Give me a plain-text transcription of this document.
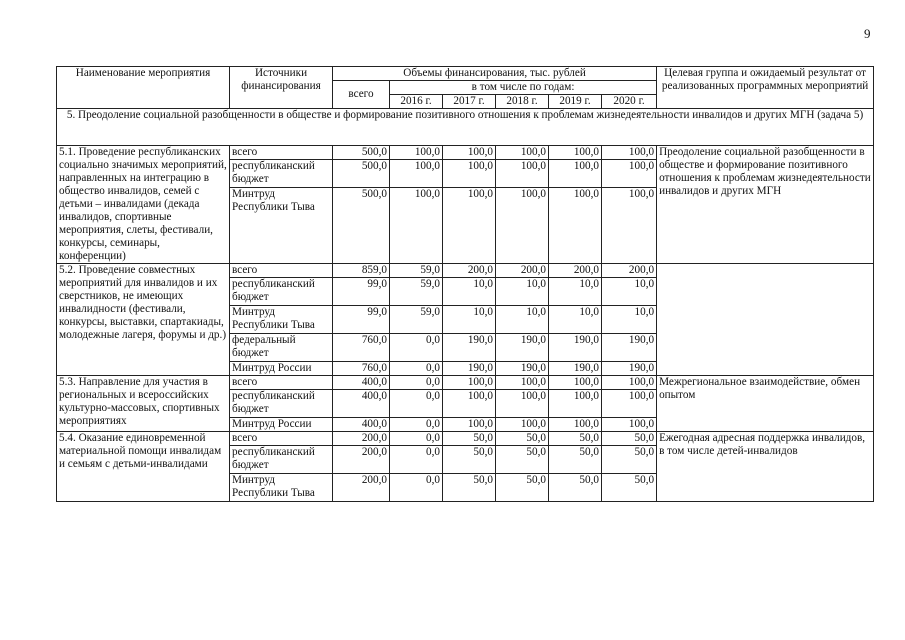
9
Наименование мероприятия	Источники финансирования	Объемы финансирования, тыс. рублей						Целевая группа и ожидаемый результат от реализованных программных мероприятий
		всего	в том числе по годам:					
			2016 г.	2017 г.	2018 г.	2019 г.	2020 г.	
5. Преодоление социальной разобщенности в обществе и формирование позитивного отношения к проблемам жизнедеятельности инвалидов и других МГН (задача 5)								
5.1. Проведение республиканских социально значимых мероприятий, направленных на интеграцию в общество инвалидов, семей с детьми – инвалидами (декада инвалидов, спортивные мероприятия, слеты, фестивали, конкурсы, семинары, конференции)	всего	500,0	100,0	100,0	100,0	100,0	100,0	Преодоление социальной разобщенности в обществе и формирование позитивного отношения к проблемам жизнедеятельности инвалидов и других МГН
	республиканский бюджет	500,0	100,0	100,0	100,0	100,0	100,0	
	Минтруд Республики Тыва	500,0	100,0	100,0	100,0	100,0	100,0	
5.2. Проведение совместных мероприятий для инвалидов и их сверстников, не имеющих инвалидности (фестивали, конкурсы, выставки, спартакиады, молодежные лагеря, форумы и др.)	всего	859,0	59,0	200,0	200,0	200,0	200,0	
	республиканский бюджет	99,0	59,0	10,0	10,0	10,0	10,0	
	Минтруд Республики Тыва	99,0	59,0	10,0	10,0	10,0	10,0	
	федеральный бюджет	760,0	0,0	190,0	190,0	190,0	190,0	
	Минтруд России	760,0	0,0	190,0	190,0	190,0	190,0	
5.3. Направление для участия в региональных и всероссийских культурно-массовых, спортивных мероприятиях	всего	400,0	0,0	100,0	100,0	100,0	100,0	Межрегиональное взаимодействие, обмен опытом
	республиканский бюджет	400,0	0,0	100,0	100,0	100,0	100,0	
	Минтруд России	400,0	0,0	100,0	100,0	100,0	100,0	
5.4. Оказание единовременной материальной помощи инвалидам и семьям с детьми-инвалидами	всего	200,0	0,0	50,0	50,0	50,0	50,0	Ежегодная адресная поддержка инвалидов, в том числе детей-инвалидов
	республиканский бюджет	200,0	0,0	50,0	50,0	50,0	50,0	
	Минтруд Республики Тыва	200,0	0,0	50,0	50,0	50,0	50,0	
